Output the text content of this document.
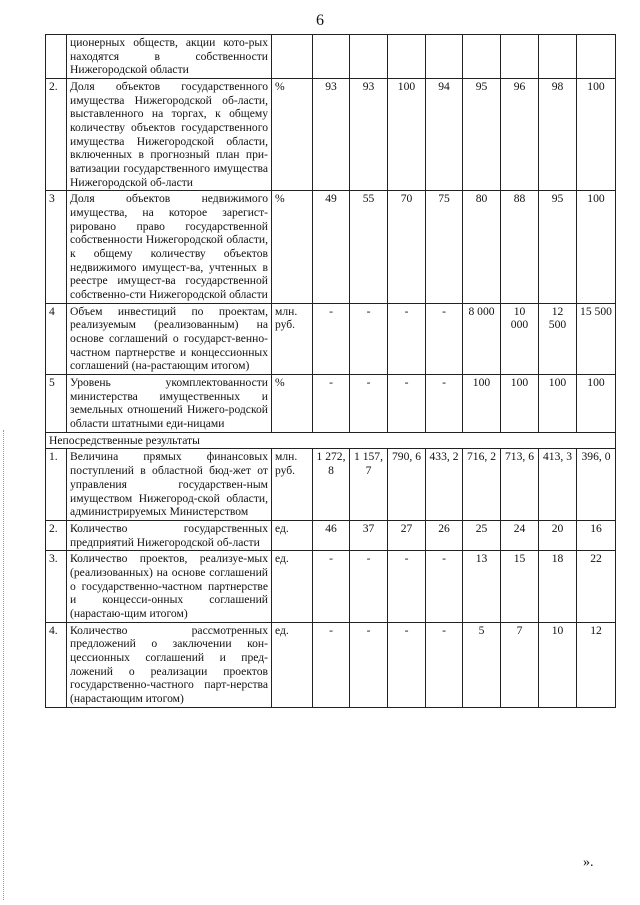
6
	ционерных обществ, акции кото-рых находятся в собственности Нижегородской области									
2.	Доля объектов государственного имущества Нижегородской об-ласти, выставленного на торгах, к общему количеству объектов государственного имущества Нижегородской области, включенных в прогнозный план при-ватизации государственного имущества Нижегородской об-ласти	%	93	93	100	94	95	96	98	100
3	Доля объектов недвижимого имущества, на которое зарегист-рировано право государственной собственности Нижегородской области, к общему количеству объектов недвижимого имущест-ва, учтенных в реестре имущест-ва государственной собственно-сти Нижегородской области	%	49	55	70	75	80	88	95	100
4	Объем инвестиций по проектам, реализуемым (реализованным) на основе соглашений о государст-венно-частном партнерстве и концессионных соглашений (на-растающим итогом)	млн. руб.	-	-	-	-	8 000	10 000	12 500	15 500
5	Уровень укомплектованности министерства имущественных и земельных отношений Нижего-родской области штатными еди-ницами	%	-	-	-	-	100	100	100	100
Непосредственные результаты										
1.	Величина прямых финансовых поступлений в областной бюд-жет от управления государствен-ным имуществом Нижегород-ской области, администрируемых Министерством	млн. руб.	1 272, 8	1 157, 7	790, 6	433, 2	716, 2	713, 6	413, 3	396, 0
2.	Количество государственных предприятий Нижегородской об-ласти	ед.	46	37	27	26	25	24	20	16
3.	Количество проектов, реализуе-мых (реализованных) на основе соглашений о государственно-частном партнерстве и концесси-онных соглашений (нарастаю-щим итогом)	ед.	-	-	-	-	13	15	18	22
4.	Количество рассмотренных предложений о заключении кон-цессионных соглашений и пред-ложений о реализации проектов государственно-частного парт-нерства (нарастающим итогом)	ед.	-	-	-	-	5	7	10	12
».
